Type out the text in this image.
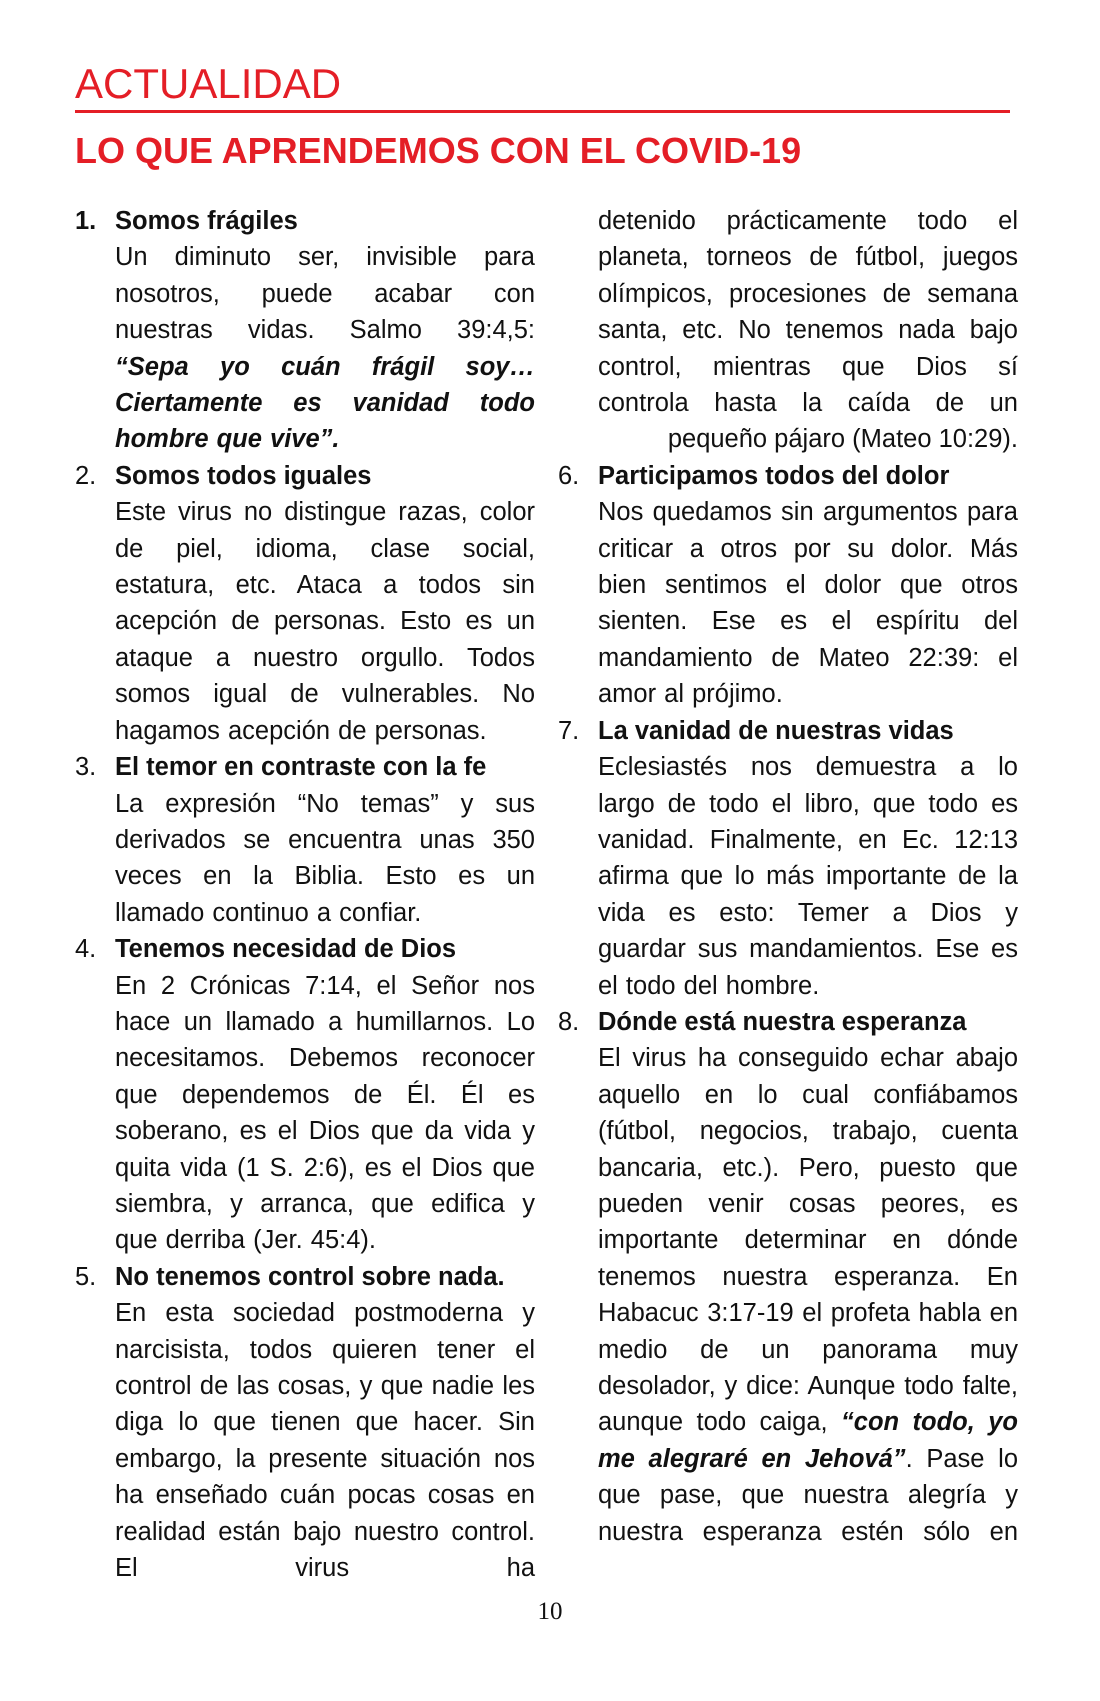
ACTUALIDAD
LO QUE APRENDEMOS CON EL COVID-19
1. Somos frágiles

Un diminuto ser, invisible para nosotros, puede acabar con nuestras vidas. Salmo 39:4,5: “Sepa yo cuán frágil soy… Ciertamente es vanidad todo hombre que vive”.

2. Somos todos iguales

Este virus no distingue razas, color de piel, idioma, clase social, estatura, etc. Ataca a todos sin acepción de personas. Esto es un ataque a nuestro orgullo. Todos somos igual de vulnerables. No hagamos acepción de personas.

3. El temor en contraste con la fe

La expresión “No temas” y sus derivados se encuentra unas 350 veces en la Biblia. Esto es un llamado continuo a confiar.

4. Tenemos necesidad de Dios

En 2 Crónicas 7:14, el Señor nos hace un llamado a humillarnos. Lo necesitamos. Debemos reconocer que dependemos de Él. Él es soberano, es el Dios que da vida y quita vida (1 S. 2:6), es el Dios que siembra, y arranca, que edifica y que derriba (Jer. 45:4).

5. No tenemos control sobre nada.

En esta sociedad postmoderna y narcisista, todos quieren tener el control de las cosas, y que nadie les diga lo que tienen que hacer. Sin embargo, la presente situación nos ha enseñado cuán pocas cosas en realidad están bajo nuestro control. El virus ha

detenido prácticamente todo el planeta, torneos de fútbol, juegos olímpicos, procesiones de semana santa, etc. No tenemos nada bajo control, mientras que Dios sí controla hasta la caída de un pequeño pájaro (Mateo 10:29).

6. Participamos todos del dolor

Nos quedamos sin argumentos para criticar a otros por su dolor. Más bien sentimos el dolor que otros sienten. Ese es el espíritu del mandamiento de Mateo 22:39: el amor al prójimo.

7. La vanidad de nuestras vidas

Eclesiastés nos demuestra a lo largo de todo el libro, que todo es vanidad. Finalmente, en Ec. 12:13 afirma que lo más importante de la vida es esto: Temer a Dios y guardar sus mandamientos. Ese es el todo del hombre.

8. Dónde está nuestra esperanza

El virus ha conseguido echar abajo aquello en lo cual confiábamos (fútbol, negocios, trabajo, cuenta bancaria, etc.). Pero, puesto que pueden venir cosas peores, es importante determinar en dónde tenemos nuestra esperanza. En Habacuc 3:17-19 el profeta habla en medio de un panorama muy desolador, y dice: Aunque todo falte, aunque todo caiga, “con todo, yo me alegraré en Jehová”. Pase lo que pase, que nuestra alegría y nuestra esperanza estén sólo en

10
